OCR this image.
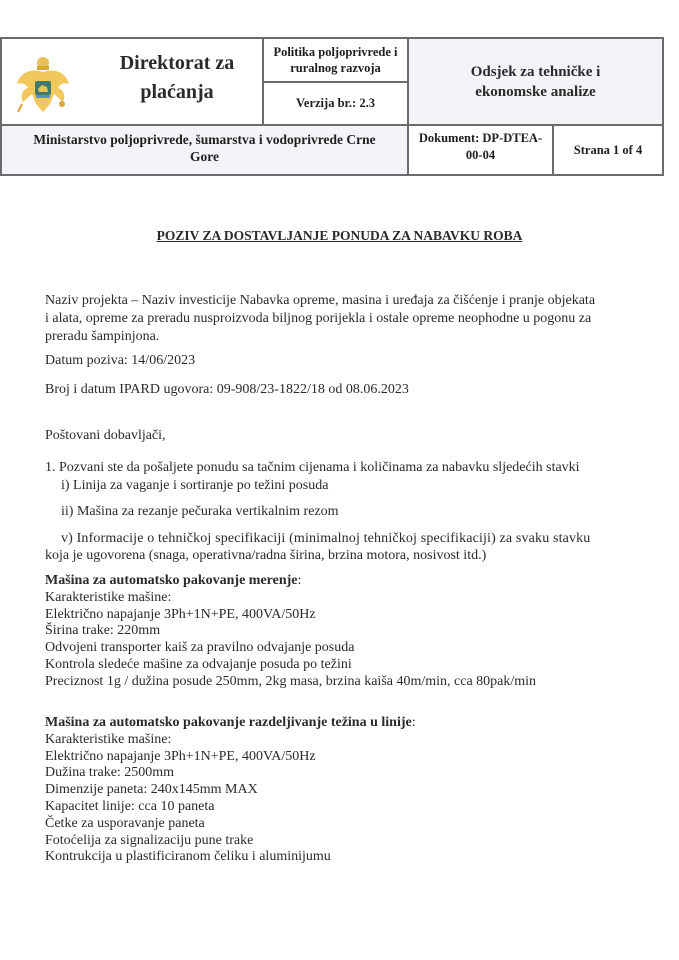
Direktorat za
plaćanja
Politika poljoprivrede i
ruralnog razvoja
Verzija br.: 2.3
Odsjek za tehničke i
ekonomske analize
Ministarstvo poljoprivrede, šumarstva i vodoprivrede Crne
Gore
Dokument: DP-DTEA-
00-04	Strana 1 of 4
POZIV ZA DOSTAVLJANJE PONUDA ZA NABAVKU ROBA
Naziv projekta – Naziv investicije Nabavka opreme, masina i uređaja za čišćenje i pranje objekata
i alata, opreme za preradu nusproizvoda biljnog porijekla i ostale opreme neophodne u pogonu za
preradu šampinjona.
Datum poziva: 14/06/2023
Broj i datum IPARD ugovora: 09-908/23-1822/18 od 08.06.2023
Poštovani dobavljači,
1. Pozvani ste da pošaljete ponudu sa tačnim cijenama i količinama za nabavku sljedećih stavki
i) Linija za vaganje i sortiranje po težini posuda
ii) Mašina za rezanje pečuraka vertikalnim rezom
v) Informacije o tehničkoj specifikaciji (minimalnoj tehničkoj specifikaciji) za svaku stavku
koja je ugovorena (snaga, operativna/radna širina, brzina motora, nosivost itd.)
Mašina za automatsko pakovanje merenje:
Karakteristike mašine:
Električno napajanje 3Ph+1N+PE, 400VA/50Hz
Širina trake: 220mm
Odvojeni transporter kaiš za pravilno odvajanje posuda
Kontrola sledeće mašine za odvajanje posuda po težini
Preciznost 1g / dužina posude 250mm, 2kg masa, brzina kaiša 40m/min, cca 80pak/min
Mašina za automatsko pakovanje razdeljivanje težina u linije:
Karakteristike mašine:
Električno napajanje 3Ph+1N+PE, 400VA/50Hz
Dužina trake: 2500mm
Dimenzije paneta: 240x145mm MAX
Kapacitet linije: cca 10 paneta
Četke za usporavanje paneta
Fotoćelija za signalizaciju pune trake
Kontrukcija u plastificiranom čeliku i aluminijumu
